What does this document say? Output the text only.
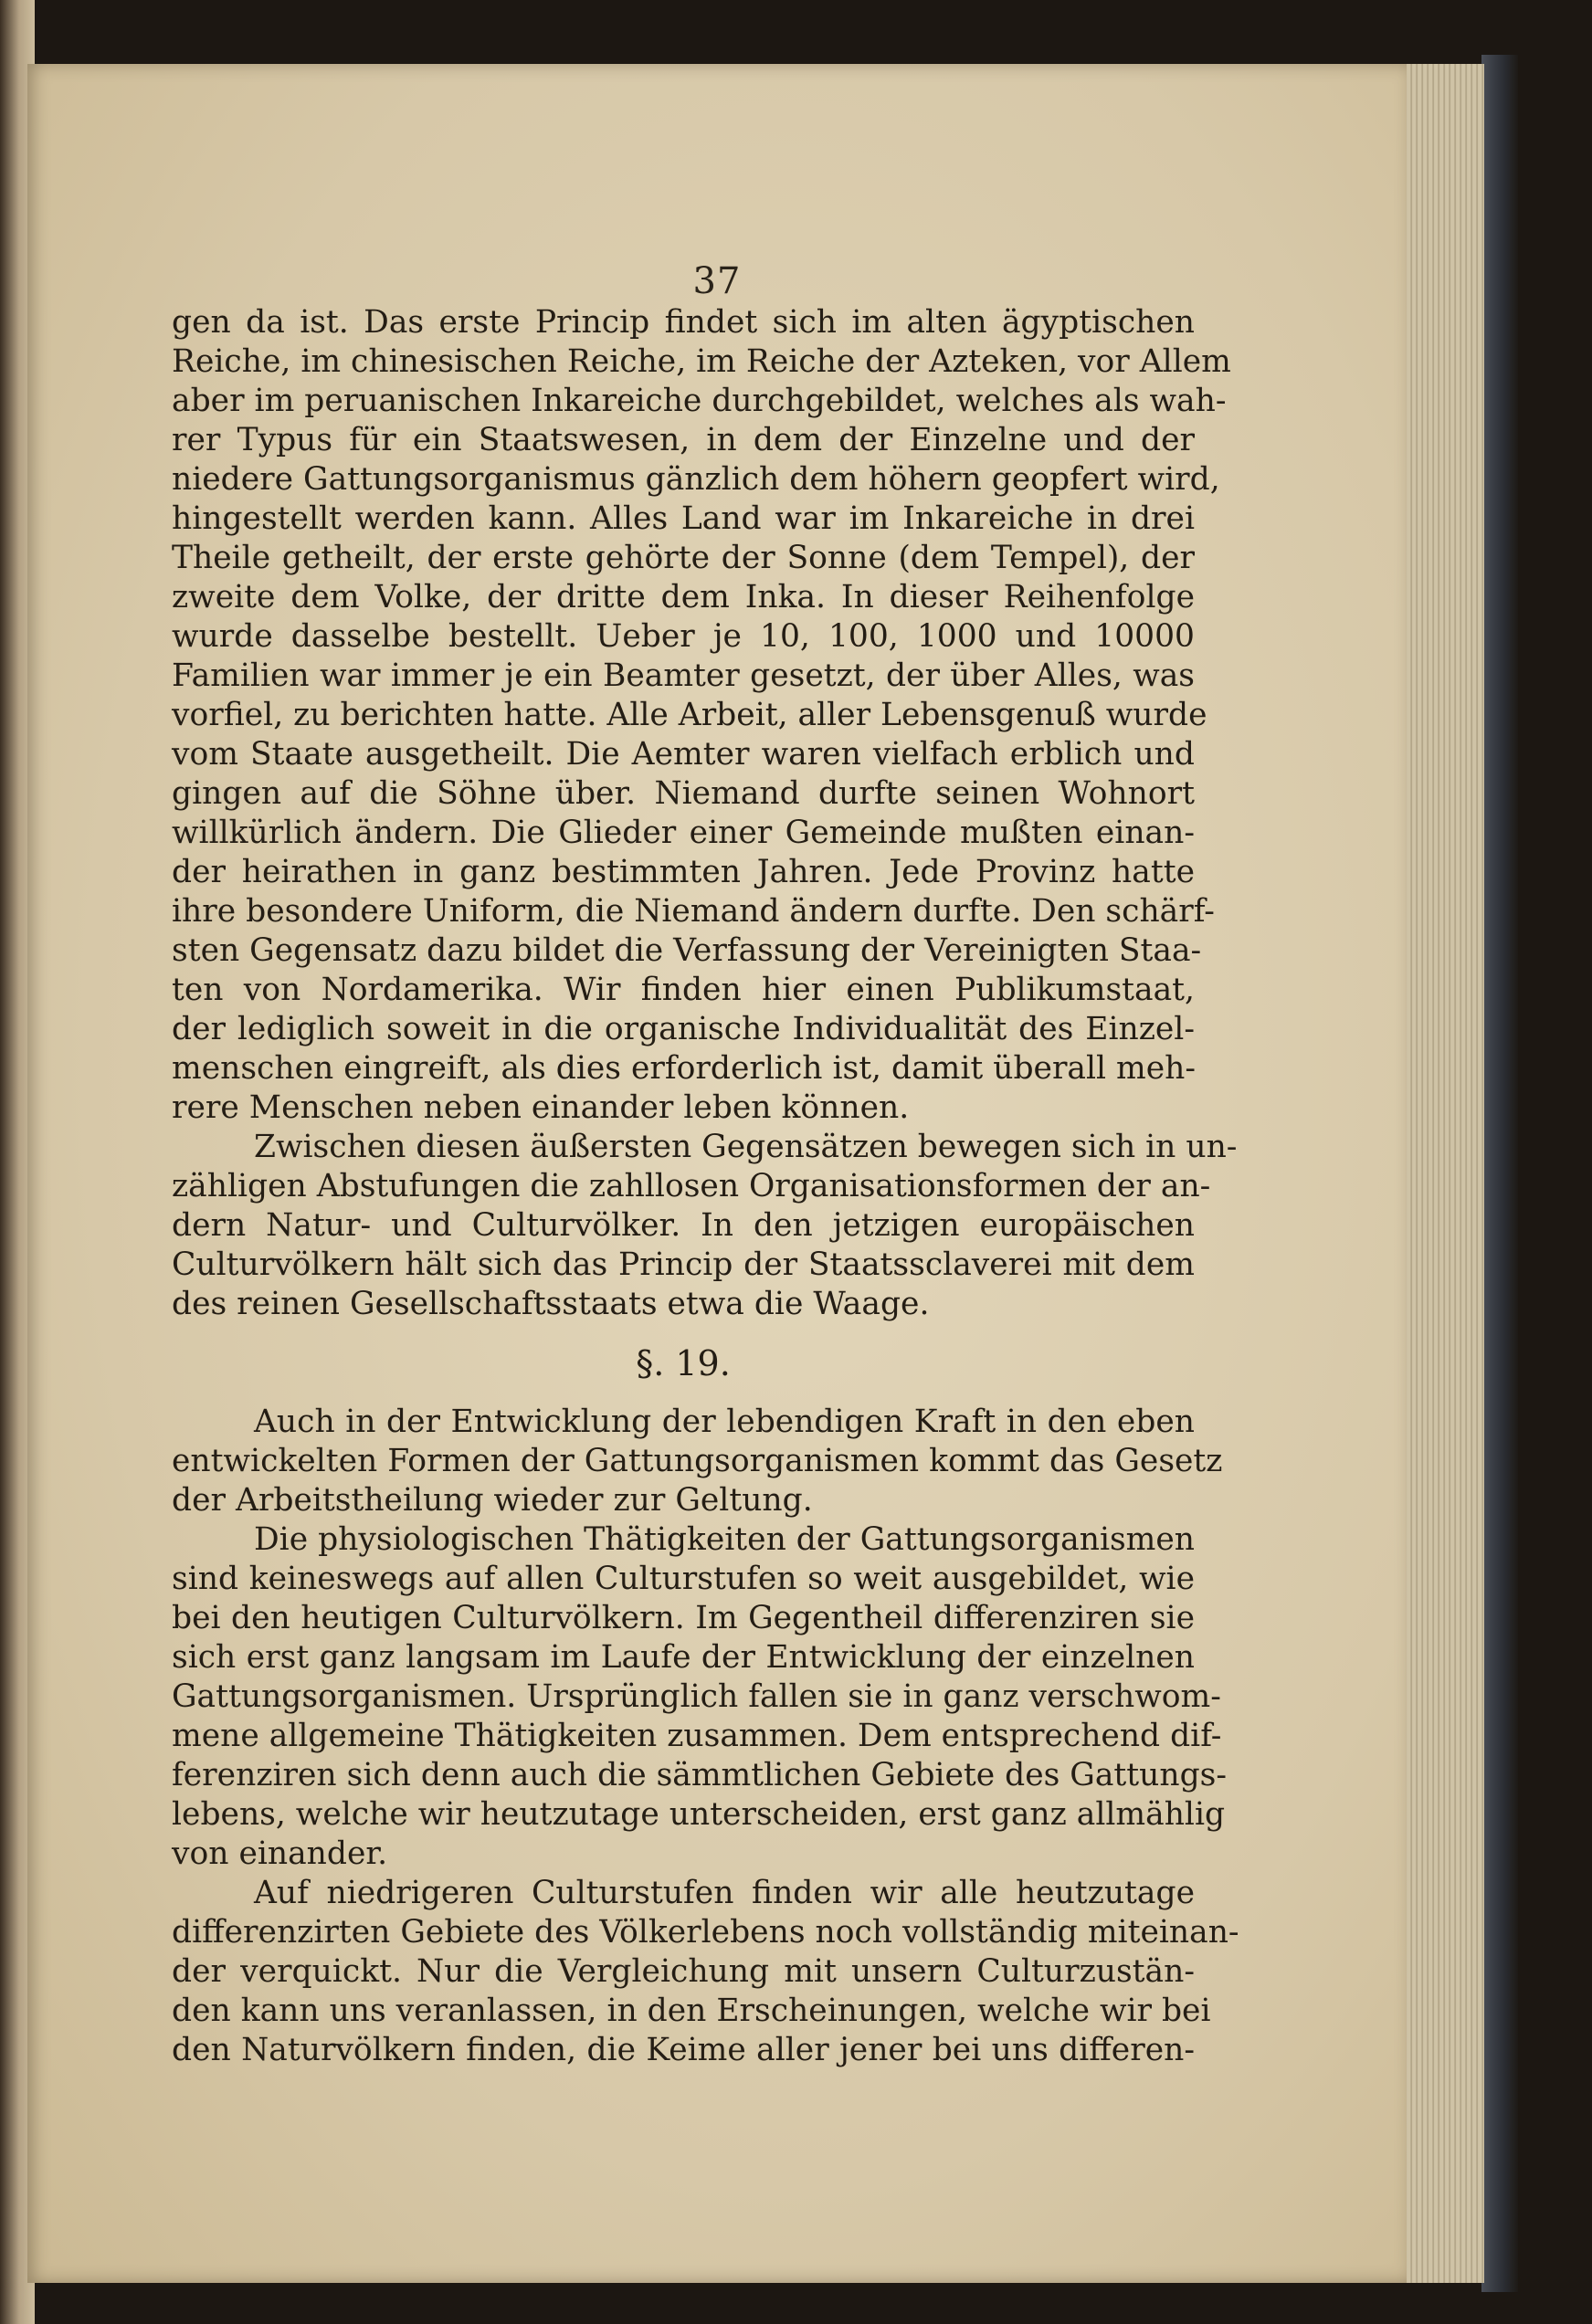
37
gen da ist. Das erste Princip findet sich im alten ägyptischen
Reiche, im chinesischen Reiche, im Reiche der Azteken, vor Allem
aber im peruanischen Inkareiche durchgebildet, welches als wah-
rer Typus für ein Staatswesen, in dem der Einzelne und der
niedere Gattungsorganismus gänzlich dem höhern geopfert wird,
hingestellt werden kann. Alles Land war im Inkareiche in drei
Theile getheilt, der erste gehörte der Sonne (dem Tempel), der
zweite dem Volke, der dritte dem Inka. In dieser Reihenfolge
wurde dasselbe bestellt. Ueber je 10, 100, 1000 und 10000
Familien war immer je ein Beamter gesetzt, der über Alles, was
vorfiel, zu berichten hatte. Alle Arbeit, aller Lebensgenuß wurde
vom Staate ausgetheilt. Die Aemter waren vielfach erblich und
gingen auf die Söhne über. Niemand durfte seinen Wohnort
willkürlich ändern. Die Glieder einer Gemeinde mußten einan-
der heirathen in ganz bestimmten Jahren. Jede Provinz hatte
ihre besondere Uniform, die Niemand ändern durfte. Den schärf-
sten Gegensatz dazu bildet die Verfassung der Vereinigten Staa-
ten von Nordamerika. Wir finden hier einen Publikumstaat,
der lediglich soweit in die organische Individualität des Einzel-
menschen eingreift, als dies erforderlich ist, damit überall meh-
rere Menschen neben einander leben können.
Zwischen diesen äußersten Gegensätzen bewegen sich in un-
zähligen Abstufungen die zahllosen Organisationsformen der an-
dern Natur- und Culturvölker. In den jetzigen europäischen
Culturvölkern hält sich das Princip der Staatssclaverei mit dem
des reinen Gesellschaftsstaats etwa die Waage.
§. 19.
Auch in der Entwicklung der lebendigen Kraft in den eben
entwickelten Formen der Gattungsorganismen kommt das Gesetz
der Arbeitstheilung wieder zur Geltung.
Die physiologischen Thätigkeiten der Gattungsorganismen
sind keineswegs auf allen Culturstufen so weit ausgebildet, wie
bei den heutigen Culturvölkern. Im Gegentheil differenziren sie
sich erst ganz langsam im Laufe der Entwicklung der einzelnen
Gattungsorganismen. Ursprünglich fallen sie in ganz verschwom-
mene allgemeine Thätigkeiten zusammen. Dem entsprechend dif-
ferenziren sich denn auch die sämmtlichen Gebiete des Gattungs-
lebens, welche wir heutzutage unterscheiden, erst ganz allmählig
von einander.
Auf niedrigeren Culturstufen finden wir alle heutzutage
differenzirten Gebiete des Völkerlebens noch vollständig miteinan-
der verquickt. Nur die Vergleichung mit unsern Culturzustän-
den kann uns veranlassen, in den Erscheinungen, welche wir bei
den Naturvölkern finden, die Keime aller jener bei uns differen-
